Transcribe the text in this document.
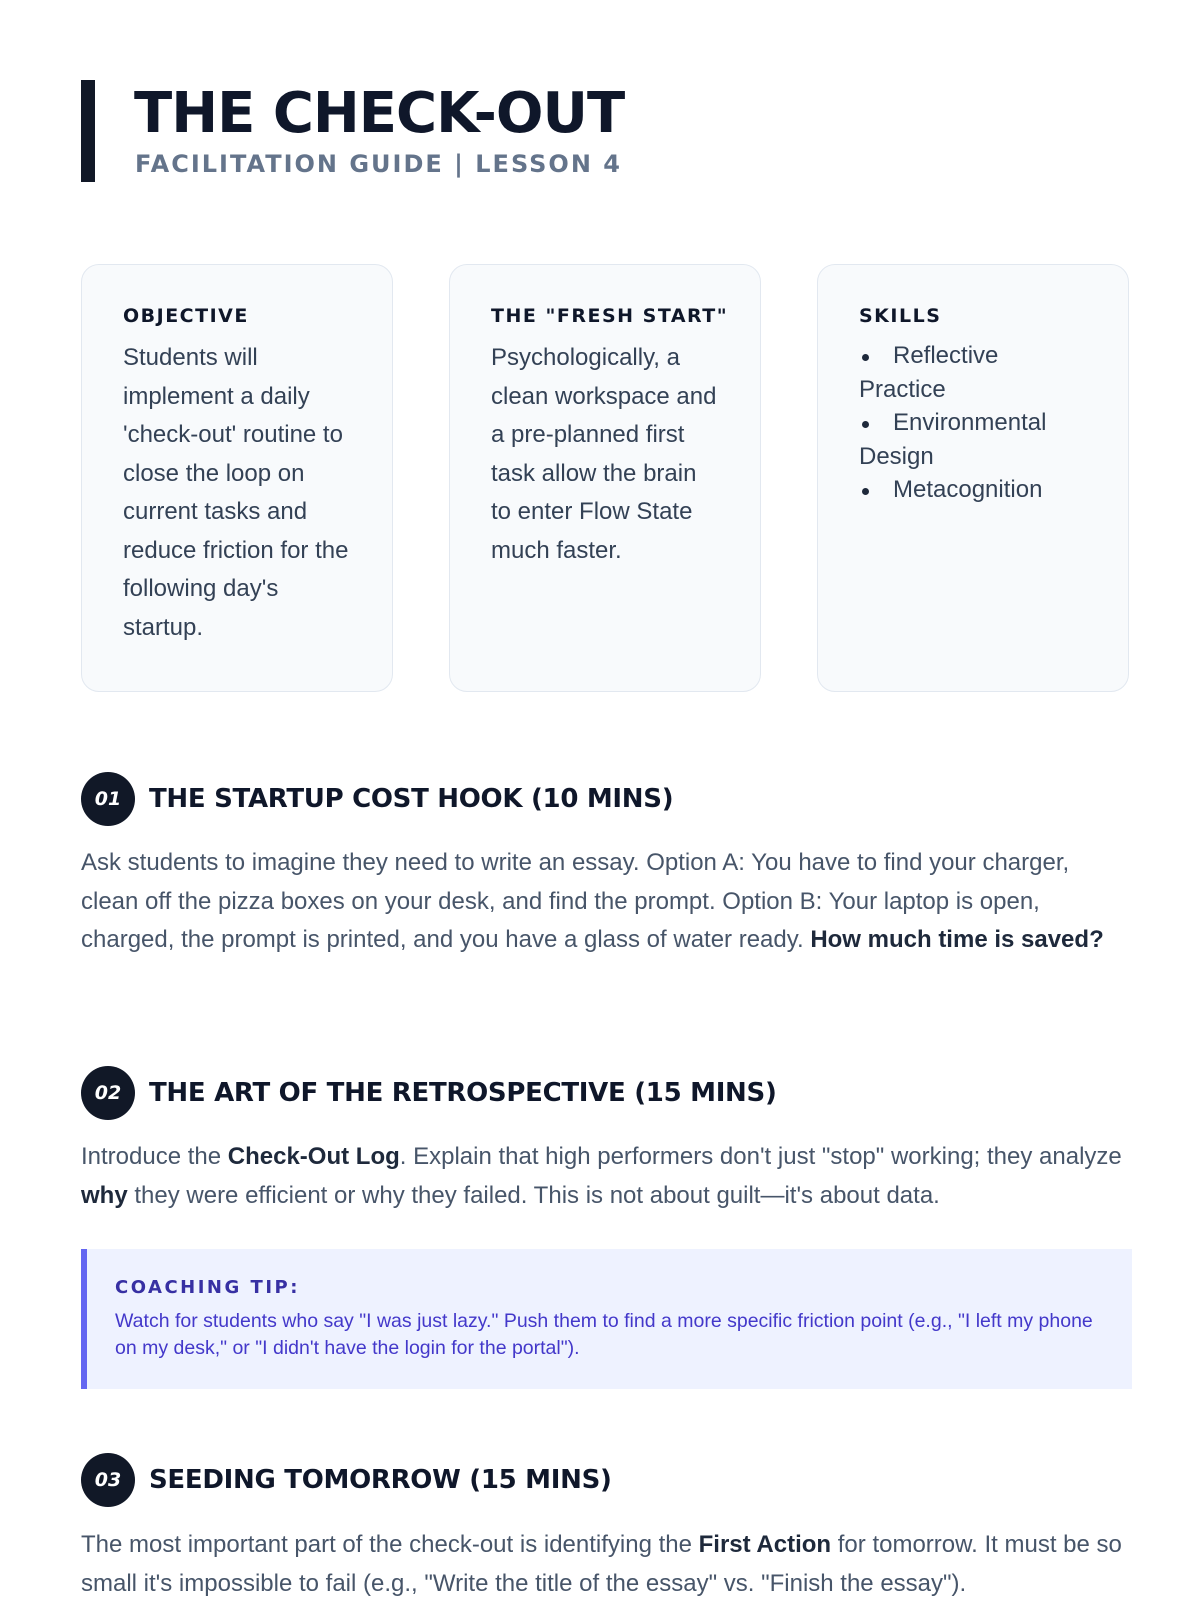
THE CHECK-OUT
FACILITATION GUIDE | LESSON 4
OBJECTIVE
Students will implement a daily 'check-out' routine to close the loop on current tasks and reduce friction for the following day's startup.
THE "FRESH START"
Psychologically, a clean workspace and a pre-planned first task allow the brain to enter Flow State much faster.
SKILLS
Reflective Practice
Environmental Design
Metacognition
01	THE STARTUP COST HOOK (10 MINS)
Ask students to imagine they need to write an essay. Option A: You have to find your charger, clean off the pizza boxes on your desk, and find the prompt. Option B: Your laptop is open, charged, the prompt is printed, and you have a glass of water ready. How much time is saved?
02	THE ART OF THE RETROSPECTIVE (15 MINS)
Introduce the Check-Out Log. Explain that high performers don't just "stop" working; they analyze why they were efficient or why they failed. This is not about guilt—it's about data.
COACHING TIP:
Watch for students who say "I was just lazy." Push them to find a more specific friction point (e.g., "I left my phone on my desk," or "I didn't have the login for the portal").
03	SEEDING TOMORROW (15 MINS)
The most important part of the check-out is identifying the First Action for tomorrow. It must be so small it's impossible to fail (e.g., "Write the title of the essay" vs. "Finish the essay").
